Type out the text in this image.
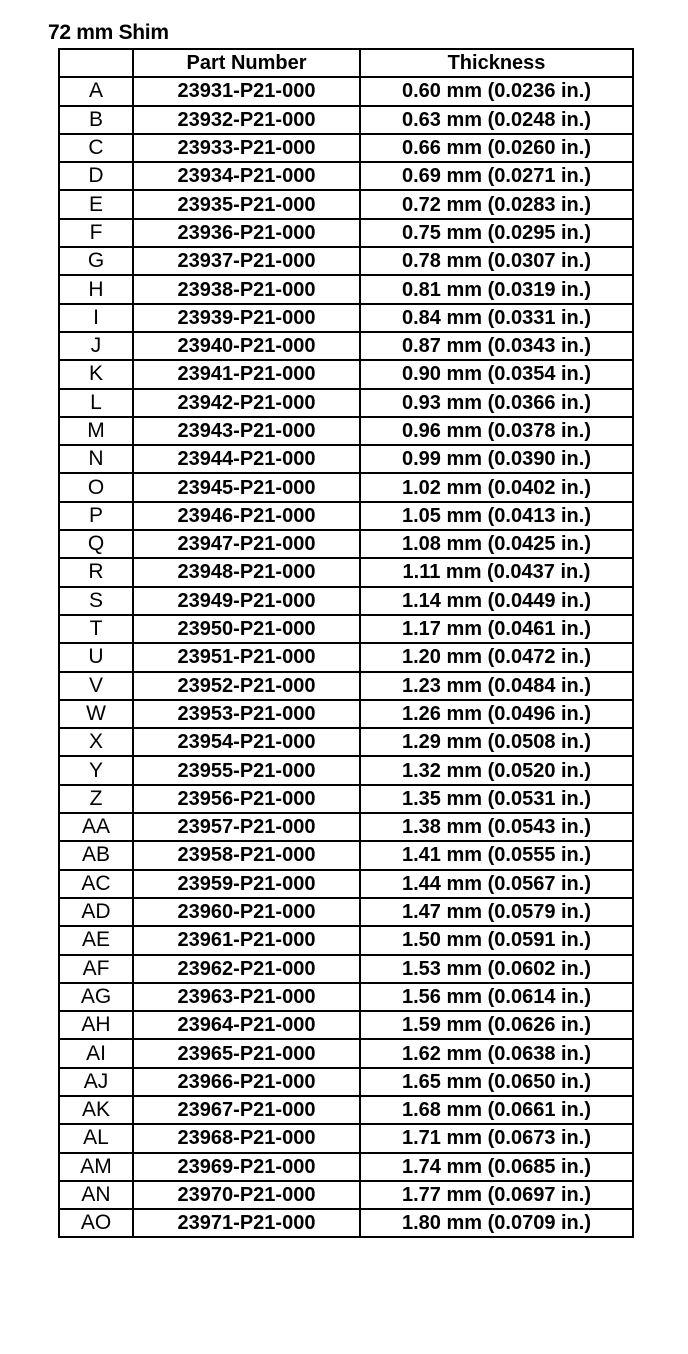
72 mm Shim
	Part Number	Thickness
A	23931-P21-000	0.60 mm (0.0236 in.)
B	23932-P21-000	0.63 mm (0.0248 in.)
C	23933-P21-000	0.66 mm (0.0260 in.)
D	23934-P21-000	0.69 mm (0.0271 in.)
E	23935-P21-000	0.72 mm (0.0283 in.)
F	23936-P21-000	0.75 mm (0.0295 in.)
G	23937-P21-000	0.78 mm (0.0307 in.)
H	23938-P21-000	0.81 mm (0.0319 in.)
I	23939-P21-000	0.84 mm (0.0331 in.)
J	23940-P21-000	0.87 mm (0.0343 in.)
K	23941-P21-000	0.90 mm (0.0354 in.)
L	23942-P21-000	0.93 mm (0.0366 in.)
M	23943-P21-000	0.96 mm (0.0378 in.)
N	23944-P21-000	0.99 mm (0.0390 in.)
O	23945-P21-000	1.02 mm (0.0402 in.)
P	23946-P21-000	1.05 mm (0.0413 in.)
Q	23947-P21-000	1.08 mm (0.0425 in.)
R	23948-P21-000	1.11 mm (0.0437 in.)
S	23949-P21-000	1.14 mm (0.0449 in.)
T	23950-P21-000	1.17 mm (0.0461 in.)
U	23951-P21-000	1.20 mm (0.0472 in.)
V	23952-P21-000	1.23 mm (0.0484 in.)
W	23953-P21-000	1.26 mm (0.0496 in.)
X	23954-P21-000	1.29 mm (0.0508 in.)
Y	23955-P21-000	1.32 mm (0.0520 in.)
Z	23956-P21-000	1.35 mm (0.0531 in.)
AA	23957-P21-000	1.38 mm (0.0543 in.)
AB	23958-P21-000	1.41 mm (0.0555 in.)
AC	23959-P21-000	1.44 mm (0.0567 in.)
AD	23960-P21-000	1.47 mm (0.0579 in.)
AE	23961-P21-000	1.50 mm (0.0591 in.)
AF	23962-P21-000	1.53 mm (0.0602 in.)
AG	23963-P21-000	1.56 mm (0.0614 in.)
AH	23964-P21-000	1.59 mm (0.0626 in.)
AI	23965-P21-000	1.62 mm (0.0638 in.)
AJ	23966-P21-000	1.65 mm (0.0650 in.)
AK	23967-P21-000	1.68 mm (0.0661 in.)
AL	23968-P21-000	1.71 mm (0.0673 in.)
AM	23969-P21-000	1.74 mm (0.0685 in.)
AN	23970-P21-000	1.77 mm (0.0697 in.)
AO	23971-P21-000	1.80 mm (0.0709 in.)
